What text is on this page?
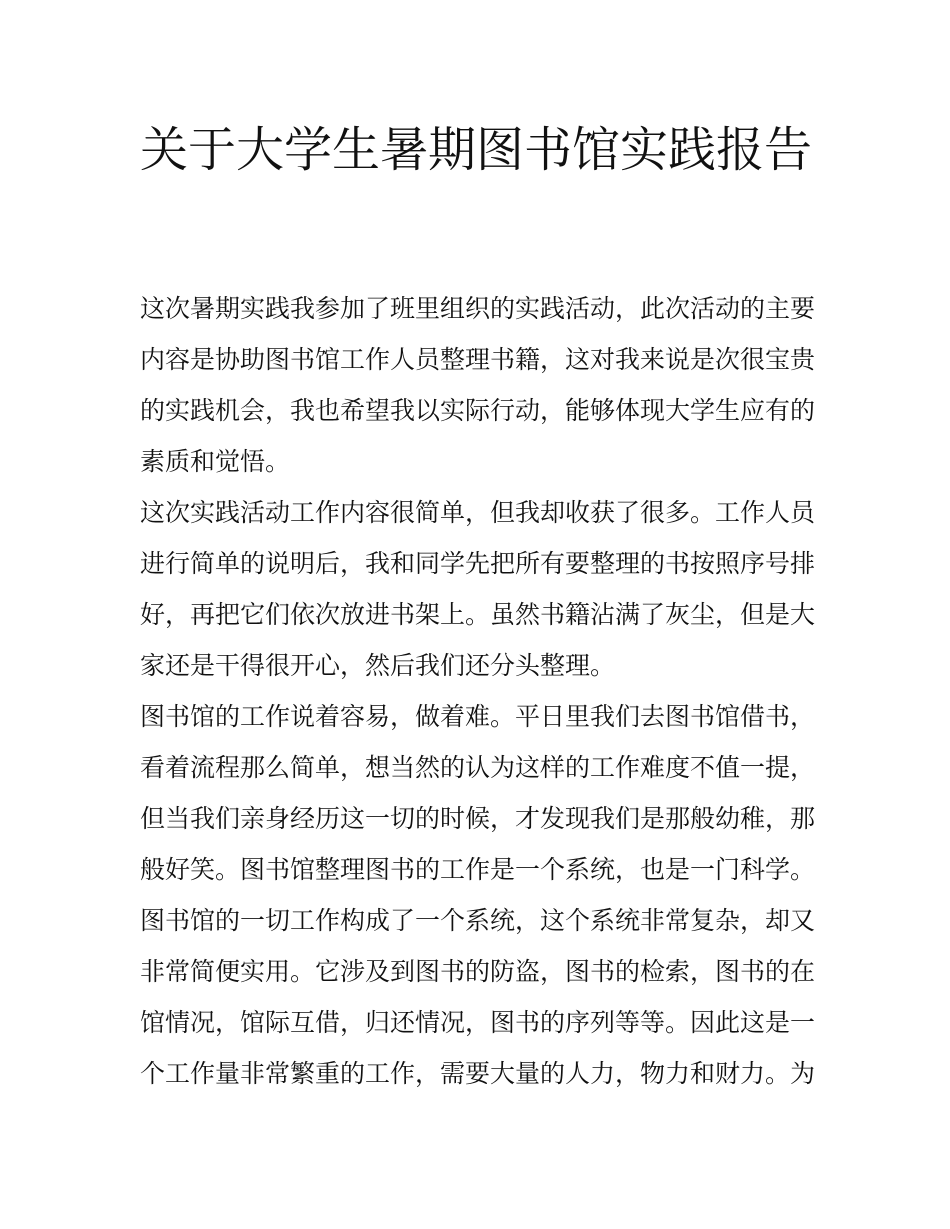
关于大学生暑期图书馆实践报告

这次暑期实践我参加了班里组织的实践活动，此次活动的主要内容是协助图书馆工作人员整理书籍，这对我来说是次很宝贵的实践机会，我也希望我以实际行动，能够体现大学生应有的素质和觉悟。

这次实践活动工作内容很简单，但我却收获了很多。工作人员进行简单的说明后，我和同学先把所有要整理的书按照序号排好，再把它们依次放进书架上。虽然书籍沾满了灰尘，但是大家还是干得很开心，然后我们还分头整理。

图书馆的工作说着容易，做着难。平日里我们去图书馆借书，看着流程那么简单，想当然的认为这样的工作难度不值一提，但当我们亲身经历这一切的时候，才发现我们是那般幼稚，那般好笑。图书馆整理图书的工作是一个系统，也是一门科学。图书馆的一切工作构成了一个系统，这个系统非常复杂，却又非常简便实用。它涉及到图书的防盗，图书的检索，图书的在馆情况，馆际互借，归还情况，图书的序列等等。因此这是一个工作量非常繁重的工作，需要大量的人力，物力和财力。为
